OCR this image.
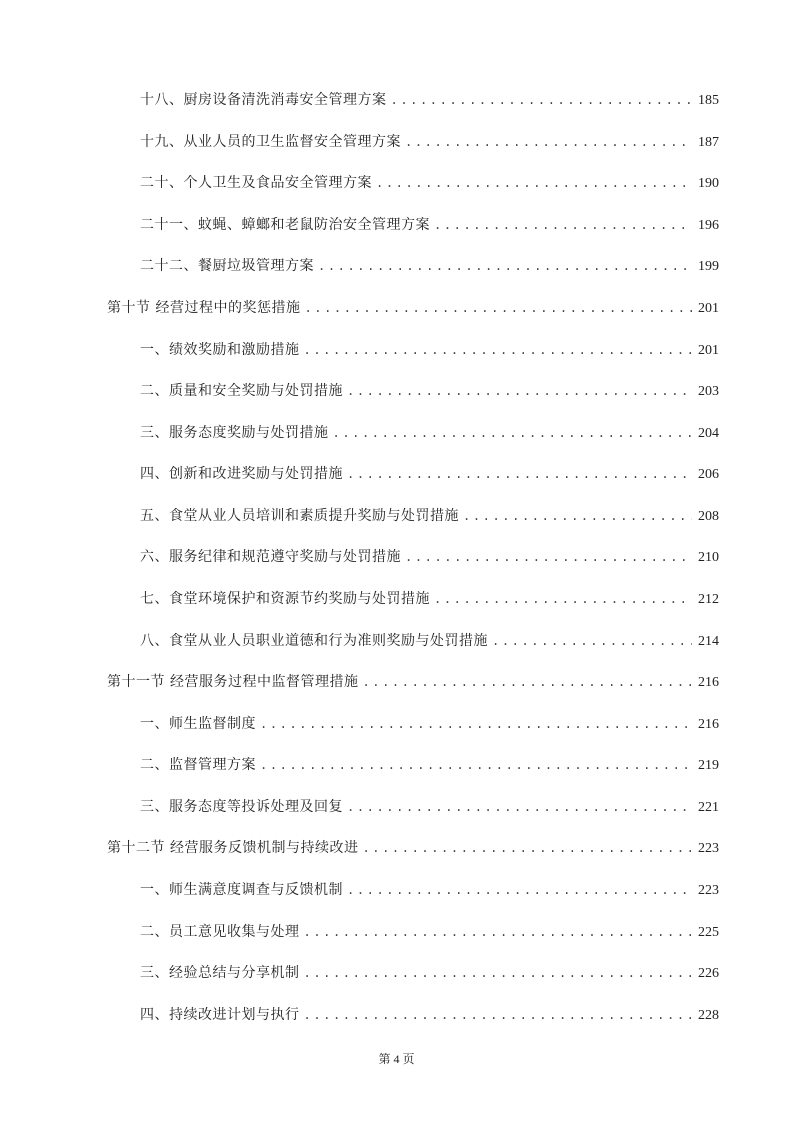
十八、厨房设备清洗消毒安全管理方案 .....	185
十九、从业人员的卫生监督安全管理方案 .....	187
二十、个人卫生及食品安全管理方案 .....	190
二十一、蚊蝇、蟑螂和老鼠防治安全管理方案 .....	196
二十二、餐厨垃圾管理方案 .....	199
第十节 经营过程中的奖惩措施 .....	201
一、绩效奖励和激励措施 .....	201
二、质量和安全奖励与处罚措施 .....	203
三、服务态度奖励与处罚措施 .....	204
四、创新和改进奖励与处罚措施 .....	206
五、食堂从业人员培训和素质提升奖励与处罚措施 .....	208
六、服务纪律和规范遵守奖励与处罚措施 .....	210
七、食堂环境保护和资源节约奖励与处罚措施 .....	212
八、食堂从业人员职业道德和行为准则奖励与处罚措施 .....	214
第十一节 经营服务过程中监督管理措施 .....	216
一、师生监督制度 .....	216
二、监督管理方案 .....	219
三、服务态度等投诉处理及回复 .....	221
第十二节 经营服务反馈机制与持续改进 .....	223
一、师生满意度调查与反馈机制 .....	223
二、员工意见收集与处理 .....	225
三、经验总结与分享机制 .....	226
四、持续改进计划与执行 .....	228
第 4 页
